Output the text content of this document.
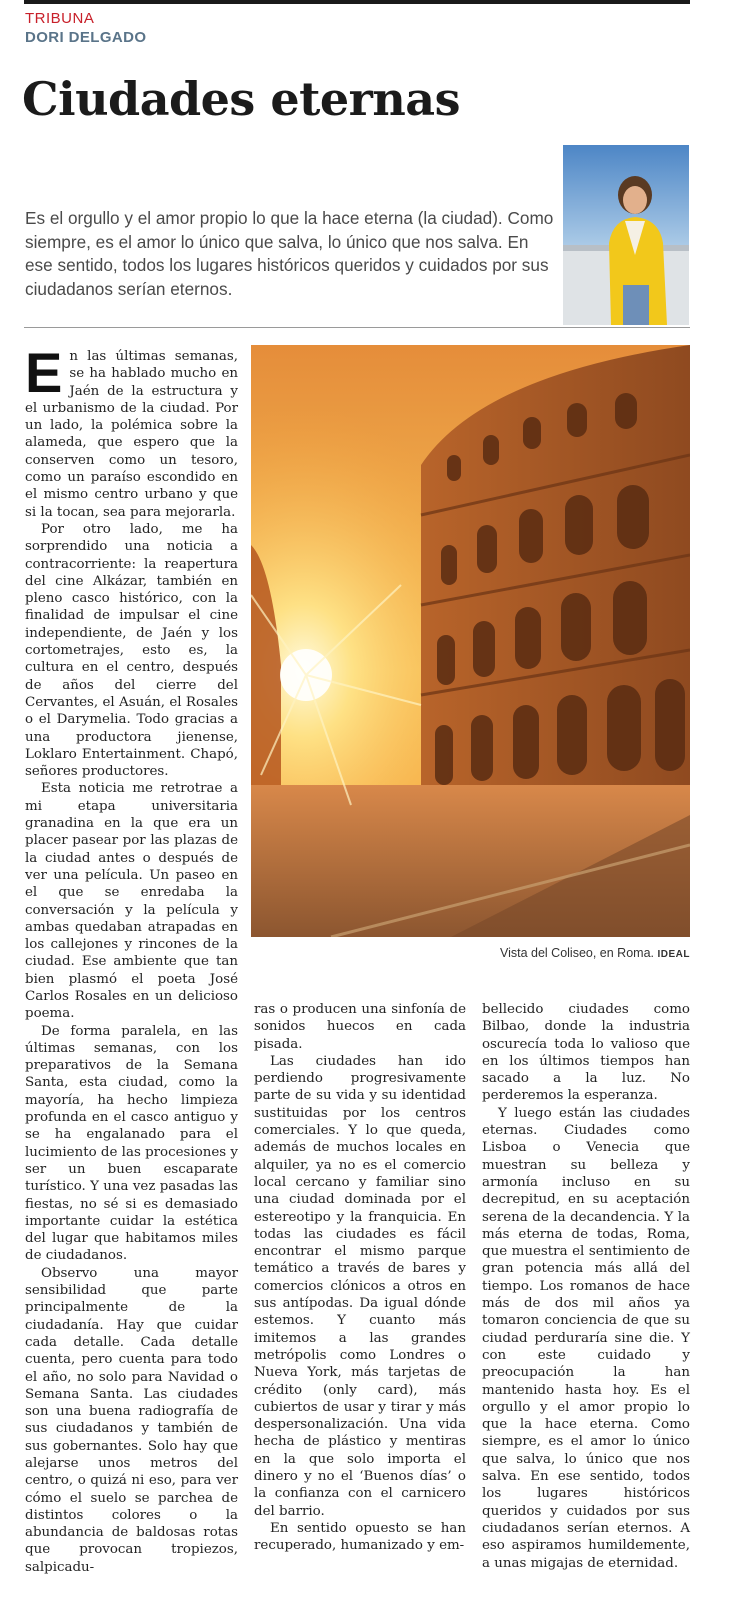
TRIBUNA
DORI DELGADO
Ciudades eternas

Es el orgullo y el amor propio lo que la hace eterna (la ciudad). Como siempre, es el amor lo único que salva, lo único que nos salva. En ese sentido, todos los lugares históricos queridos y cuidados por sus ciudadanos serían eternos.

Vista del Coliseo, en Roma. IDEAL

En las últimas semanas, se ha hablado mucho en Jaén de la estructura y el urbanismo de la ciudad. Por un lado, la polémica sobre la alameda, que espero que la conserven como un tesoro, como un paraíso escondido en el mismo centro urbano y que si la tocan, sea para mejorarla.

Por otro lado, me ha sorprendido una noticia a contracorriente: la reapertura del cine Alkázar, también en pleno casco histórico, con la finalidad de impulsar el cine independiente, de Jaén y los cortometrajes, esto es, la cultura en el centro, después de años del cierre del Cervantes, el Asuán, el Rosales o el Darymelia. Todo gracias a una productora jienense, Loklaro Entertainment. Chapó, señores productores.

Esta noticia me retrotrae a mi etapa universitaria granadina en la que era un placer pasear por las plazas de la ciudad antes o después de ver una película. Un paseo en el que se enredaba la conversación y la película y ambas quedaban atrapadas en los callejones y rincones de la ciudad. Ese ambiente que tan bien plasmó el poeta José Carlos Rosales en un delicioso poema.

De forma paralela, en las últimas semanas, con los preparativos de la Semana Santa, esta ciudad, como la mayoría, ha hecho limpieza profunda en el casco antiguo y se ha engalanado para el lucimiento de las procesiones y ser un buen escaparate turístico. Y una vez pasadas las fiestas, no sé si es demasiado importante cuidar la estética del lugar que habitamos miles de ciudadanos.

Observo una mayor sensibilidad que parte principalmente de la ciudadanía. Hay que cuidar cada detalle. Cada detalle cuenta, pero cuenta para todo el año, no solo para Navidad o Semana Santa. Las ciudades son una buena radiografía de sus ciudadanos y también de sus gobernantes. Solo hay que alejarse unos metros del centro, o quizá ni eso, para ver cómo el suelo se parchea de distintos colores o la abundancia de baldosas rotas que provocan tropiezos, salpicadu-

ras o producen una sinfonía de sonidos huecos en cada pisada.

Las ciudades han ido perdiendo progresivamente parte de su vida y su identidad sustituidas por los centros comerciales. Y lo que queda, además de muchos locales en alquiler, ya no es el comercio local cercano y familiar sino una ciudad dominada por el estereotipo y la franquicia. En todas las ciudades es fácil encontrar el mismo parque temático a través de bares y comercios clónicos a otros en sus antípodas. Da igual dónde estemos. Y cuanto más imitemos a las grandes metrópolis como Londres o Nueva York, más tarjetas de crédito (only card), más cubiertos de usar y tirar y más despersonalización. Una vida hecha de plástico y mentiras en la que solo importa el dinero y no el ‘Buenos días’ o la confianza con el carnicero del barrio.

En sentido opuesto se han recuperado, humanizado y em-

bellecido ciudades como Bilbao, donde la industria oscurecía toda lo valioso que en los últimos tiempos han sacado a la luz. No perderemos la esperanza.

Y luego están las ciudades eternas. Ciudades como Lisboa o Venecia que muestran su belleza y armonía incluso en su decrepitud, en su aceptación serena de la decandencia. Y la más eterna de todas, Roma, que muestra el sentimiento de gran potencia más allá del tiempo. Los romanos de hace más de dos mil años ya tomaron conciencia de que su ciudad perduraría sine die. Y con este cuidado y preocupación la han mantenido hasta hoy. Es el orgullo y el amor propio lo que la hace eterna. Como siempre, es el amor lo único que salva, lo único que nos salva. En ese sentido, todos los lugares históricos queridos y cuidados por sus ciudadanos serían eternos. A eso aspiramos humildemente, a unas migajas de eternidad.
